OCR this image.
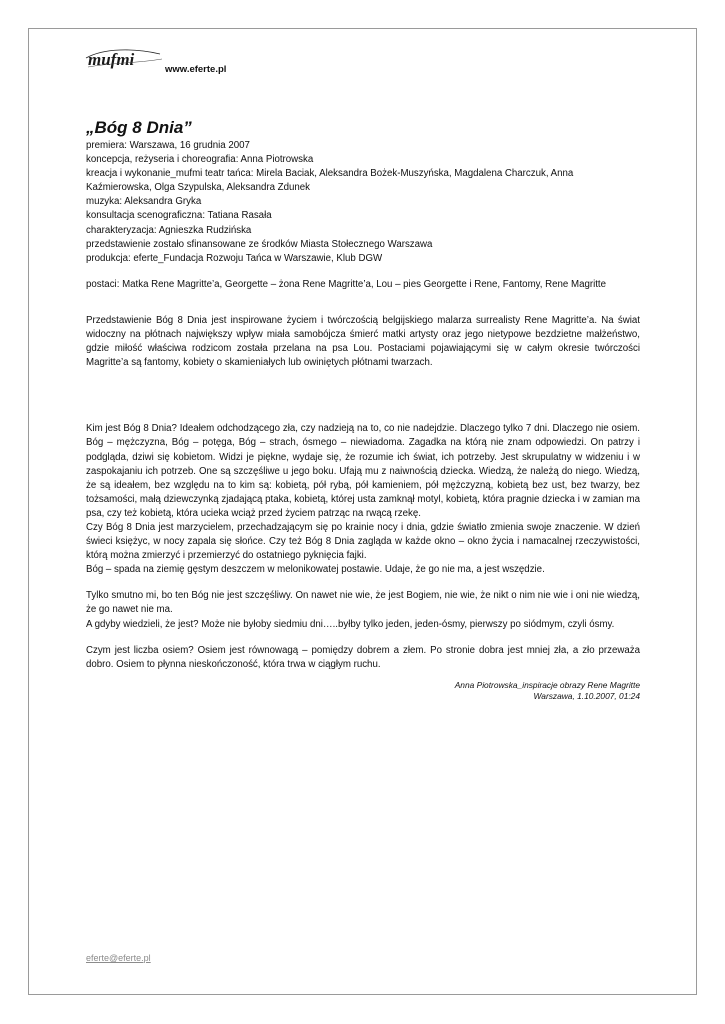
mufmi
www.eferte.pl
„Bóg 8 Dnia”

premiera: Warszawa, 16 grudnia 2007

koncepcja, reżyseria i choreografia: Anna Piotrowska

kreacja i wykonanie_mufmi teatr tańca: Mirela Baciak, Aleksandra Bożek-Muszyńska, Magdalena Charczuk, Anna Kaźmierowska, Olga Szypulska, Aleksandra Zdunek

muzyka: Aleksandra Gryka

konsultacja scenograficzna: Tatiana Rasała

charakteryzacja: Agnieszka Rudzińska

przedstawienie zostało sfinansowane ze środków Miasta Stołecznego Warszawa

produkcja: eferte_Fundacja Rozwoju Tańca w Warszawie, Klub DGW

postaci: Matka Rene Magritte’a, Georgette – żona Rene Magritte’a, Lou – pies Georgette i Rene, Fantomy, Rene Magritte

Przedstawienie Bóg 8 Dnia jest inspirowane życiem i twórczością belgijskiego malarza surrealisty Rene Magritte’a. Na świat widoczny na płótnach największy wpływ miała samobójcza śmierć matki artysty oraz jego nietypowe bezdzietne małżeństwo, gdzie miłość właściwa rodzicom została przelana na psa Lou. Postaciami pojawiającymi się w całym okresie twórczości Magritte’a są fantomy, kobiety o skamieniałych lub owiniętych płótnami twarzach.

Kim jest Bóg 8 Dnia? Ideałem odchodzącego zła, czy nadzieją na to, co nie nadejdzie. Dlaczego tylko 7 dni. Dlaczego nie osiem. Bóg – mężczyzna, Bóg – potęga, Bóg – strach, ósmego – niewiadoma. Zagadka na którą nie znam odpowiedzi. On patrzy i podgląda, dziwi się kobietom. Widzi je piękne, wydaje się, że rozumie ich świat, ich potrzeby. Jest skrupulatny w widzeniu i w zaspokajaniu ich potrzeb. One są szczęśliwe u jego boku. Ufają mu z naiwnością dziecka. Wiedzą, że należą do niego. Wiedzą, że są ideałem, bez względu na to kim są: kobietą, pół rybą, pół kamieniem, pół mężczyzną, kobietą bez ust, bez twarzy, bez tożsamości, małą dziewczynką zjadającą ptaka, kobietą, której usta zamknął motyl, kobietą, która pragnie dziecka i w zamian ma psa, czy też kobietą, która ucieka wciąż przed życiem patrząc na rwącą rzekę.

Czy Bóg 8 Dnia jest marzycielem, przechadzającym się po krainie nocy i dnia, gdzie światło zmienia swoje znaczenie. W dzień świeci księżyc, w nocy zapala się słońce. Czy też Bóg 8 Dnia zagląda w każde okno – okno życia i namacalnej rzeczywistości, którą można zmierzyć i przemierzyć do ostatniego pyknięcia fajki.

Bóg – spada na ziemię gęstym deszczem w melonikowatej postawie. Udaje, że go nie ma, a jest wszędzie.

Tylko smutno mi, bo ten Bóg nie jest szczęśliwy. On nawet nie wie, że jest Bogiem, nie wie, że nikt o nim nie wie i oni nie wiedzą, że go nawet nie ma.

A gdyby wiedzieli, że jest? Może nie byłoby siedmiu dni…..byłby tylko jeden, jeden-ósmy, pierwszy po siódmym, czyli ósmy.

Czym jest liczba osiem? Osiem jest równowagą – pomiędzy dobrem a złem. Po stronie dobra jest mniej zła, a zło przeważa dobro. Osiem to płynna nieskończoność, która trwa w ciągłym ruchu.

Anna Piotrowska_inspiracje obrazy Rene Magritte
Warszawa, 1.10.2007, 01:24
eferte@eferte.pl
